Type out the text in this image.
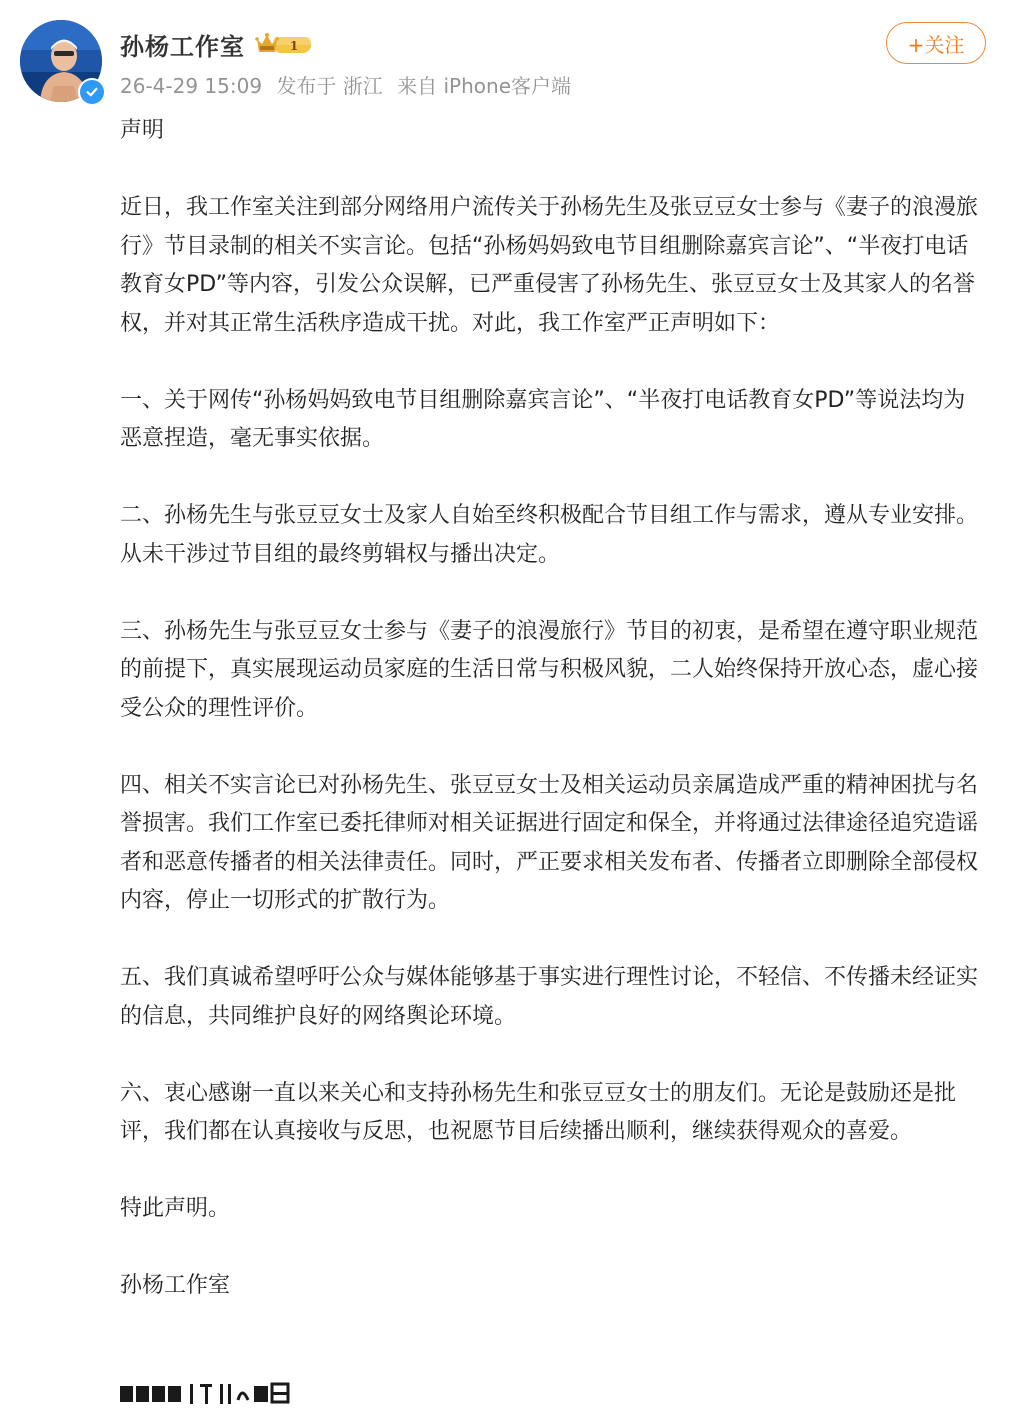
孙杨工作室	1
26-4-29 15:09 发布于 浙江 来自 iPhone客户端
+关注

声明

近日，我工作室关注到部分网络用户流传关于孙杨先生及张豆豆女士参与《妻子的浪漫旅行》节目录制的相关不实言论。包括“孙杨妈妈致电节目组删除嘉宾言论”、“半夜打电话教育女PD”等内容，引发公众误解，已严重侵害了孙杨先生、张豆豆女士及其家人的名誉权，并对其正常生活秩序造成干扰。对此，我工作室严正声明如下：

一、关于网传“孙杨妈妈致电节目组删除嘉宾言论”、“半夜打电话教育女PD”等说法均为恶意捏造，毫无事实依据。

二、孙杨先生与张豆豆女士及家人自始至终积极配合节目组工作与需求，遵从专业安排。从未干涉过节目组的最终剪辑权与播出决定。

三、孙杨先生与张豆豆女士参与《妻子的浪漫旅行》节目的初衷，是希望在遵守职业规范的前提下，真实展现运动员家庭的生活日常与积极风貌，二人始终保持开放心态，虚心接受公众的理性评价。

四、相关不实言论已对孙杨先生、张豆豆女士及相关运动员亲属造成严重的精神困扰与名誉损害。我们工作室已委托律师对相关证据进行固定和保全，并将通过法律途径追究造谣者和恶意传播者的相关法律责任。同时，严正要求相关发布者、传播者立即删除全部侵权内容，停止一切形式的扩散行为。

五、我们真诚希望呼吁公众与媒体能够基于事实进行理性讨论，不轻信、不传播未经证实的信息，共同维护良好的网络舆论环境。

六、衷心感谢一直以来关心和支持孙杨先生和张豆豆女士的朋友们。无论是鼓励还是批评，我们都在认真接收与反思，也祝愿节目后续播出顺利，继续获得观众的喜爱。

特此声明。

孙杨工作室
